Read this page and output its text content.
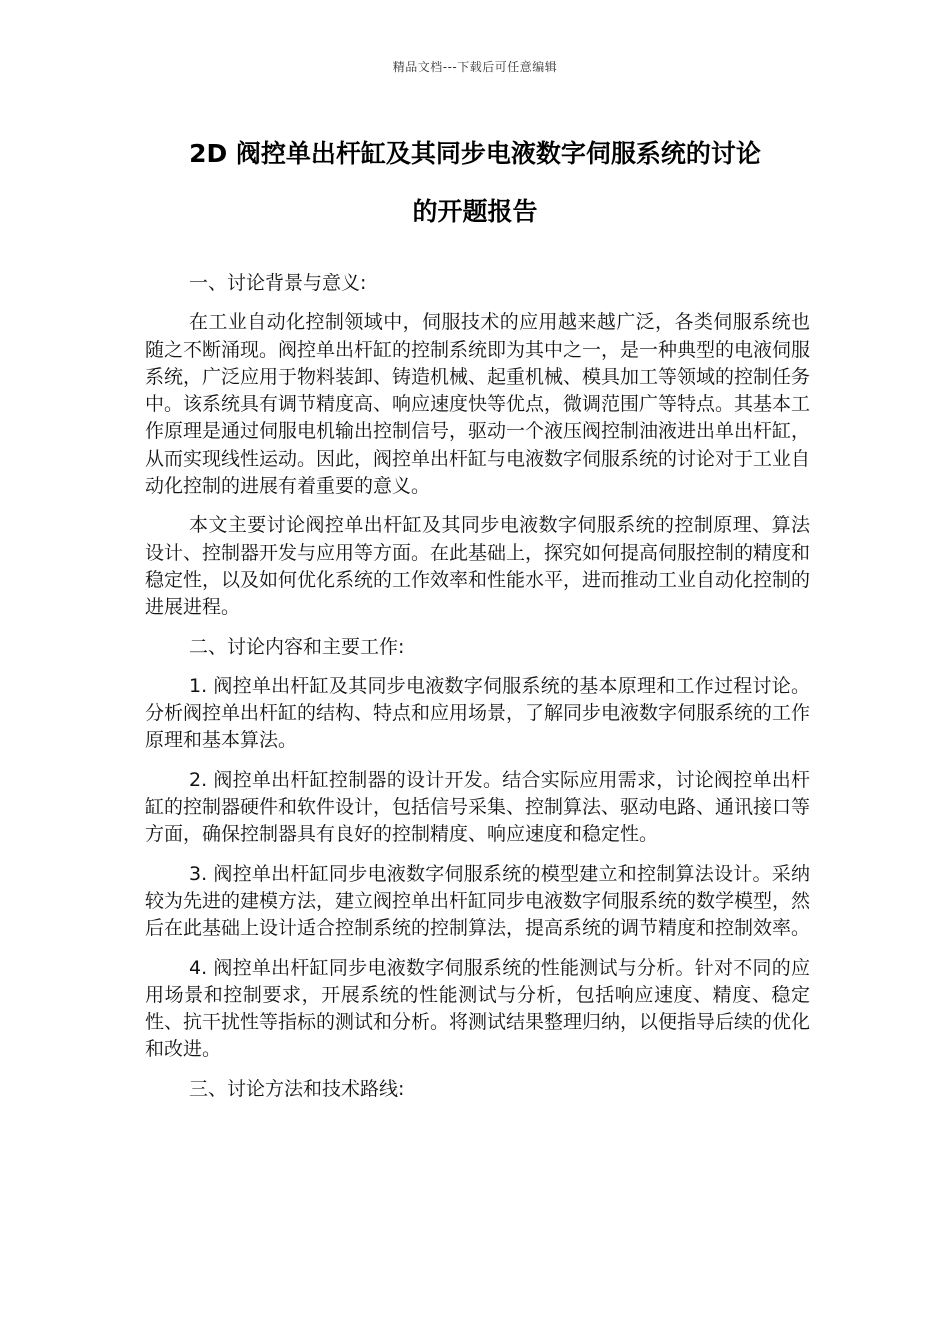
精品文档---下载后可任意编辑
2D 阀控单出杆缸及其同步电液数字伺服系统的讨论
的开题报告

一、讨论背景与意义:

在工业自动化控制领域中，伺服技术的应用越来越广泛，各类伺服系统也随之不断涌现。阀控单出杆缸的控制系统即为其中之一，是一种典型的电液伺服系统，广泛应用于物料装卸、铸造机械、起重机械、模具加工等领域的控制任务中。该系统具有调节精度高、响应速度快等优点，微调范围广等特点。其基本工作原理是通过伺服电机输出控制信号，驱动一个液压阀控制油液进出单出杆缸，从而实现线性运动。因此，阀控单出杆缸与电液数字伺服系统的讨论对于工业自动化控制的进展有着重要的意义。

本文主要讨论阀控单出杆缸及其同步电液数字伺服系统的控制原理、算法设计、控制器开发与应用等方面。在此基础上，探究如何提高伺服控制的精度和稳定性，以及如何优化系统的工作效率和性能水平，进而推动工业自动化控制的进展进程。

二、讨论内容和主要工作:

1. 阀控单出杆缸及其同步电液数字伺服系统的基本原理和工作过程讨论。分析阀控单出杆缸的结构、特点和应用场景，了解同步电液数字伺服系统的工作原理和基本算法。

2. 阀控单出杆缸控制器的设计开发。结合实际应用需求，讨论阀控单出杆缸的控制器硬件和软件设计，包括信号采集、控制算法、驱动电路、通讯接口等方面，确保控制器具有良好的控制精度、响应速度和稳定性。

3. 阀控单出杆缸同步电液数字伺服系统的模型建立和控制算法设计。采纳较为先进的建模方法，建立阀控单出杆缸同步电液数字伺服系统的数学模型，然后在此基础上设计适合控制系统的控制算法，提高系统的调节精度和控制效率。

4. 阀控单出杆缸同步电液数字伺服系统的性能测试与分析。针对不同的应用场景和控制要求，开展系统的性能测试与分析，包括响应速度、精度、稳定性、抗干扰性等指标的测试和分析。将测试结果整理归纳，以便指导后续的优化和改进。

三、讨论方法和技术路线:
